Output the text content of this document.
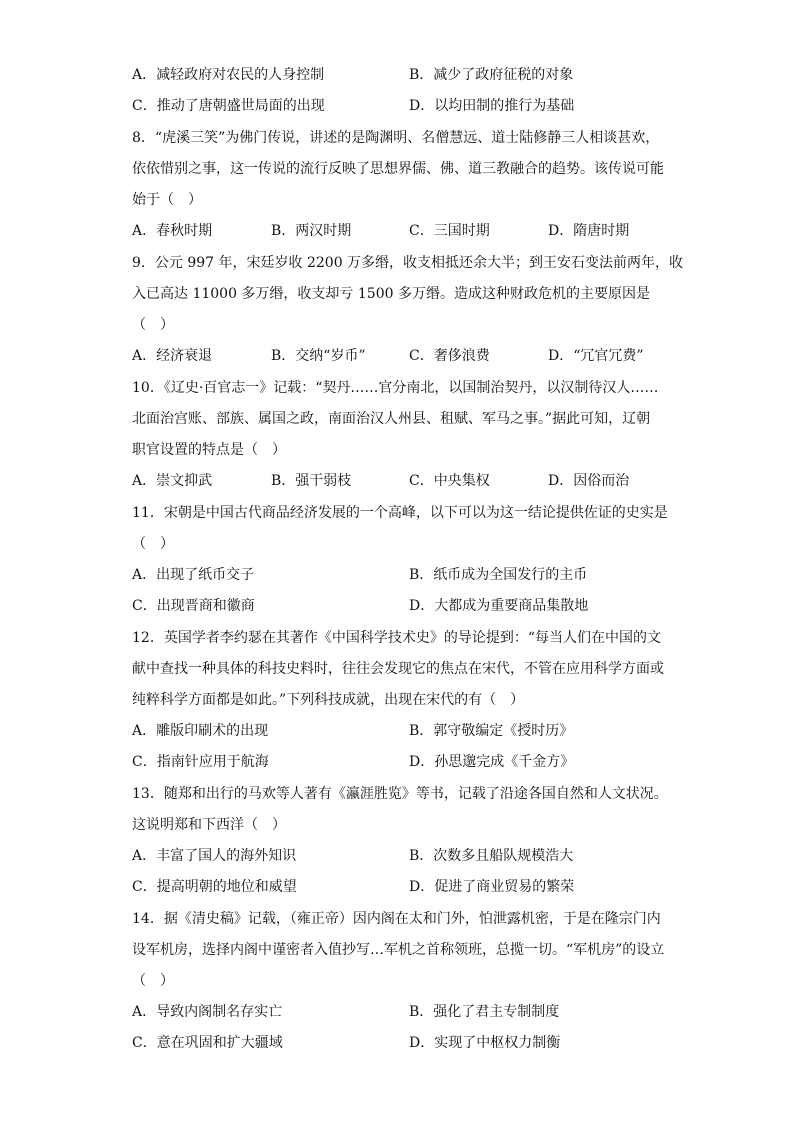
A．减轻政府对农民的人身控制	B．减少了政府征税的对象
C．推动了唐朝盛世局面的出现	D．以均田制的推行为基础
8．“虎溪三笑”为佛门传说，讲述的是陶渊明、名僧慧远、道士陆修静三人相谈甚欢，
依依惜别之事，这一传说的流行反映了思想界儒、佛、道三教融合的趋势。该传说可能
始于（　）
A．春秋时期	B．两汉时期	C．三国时期	D．隋唐时期
9．公元 997 年，宋廷岁收 2200 万多缗，收支相抵还余大半；到王安石变法前两年，收
入已高达 11000 多万缗，收支却亏 1500 多万缗。造成这种财政危机的主要原因是
（　）
A．经济衰退	B．交纳“岁币”	C．奢侈浪费	D．“冗官冗费”
10．《辽史·百官志一》记载：“契丹……官分南北，以国制治契丹，以汉制待汉人……
北面治宫账、部族、属国之政，南面治汉人州县、租赋、军马之事。”据此可知，辽朝
职官设置的特点是（　）
A．崇文抑武	B．强干弱枝	C．中央集权	D．因俗而治
11．宋朝是中国古代商品经济发展的一个高峰，以下可以为这一结论提供佐证的史实是
（　）
A．出现了纸币交子	B．纸币成为全国发行的主币
C．出现晋商和徽商	D．大都成为重要商品集散地
12．英国学者李约瑟在其著作《中国科学技术史》的导论提到：“每当人们在中国的文
献中查找一种具体的科技史料时，往往会发现它的焦点在宋代，不管在应用科学方面或
纯粹科学方面都是如此。”下列科技成就，出现在宋代的有（　）
A．雕版印刷术的出现	B．郭守敬编定《授时历》
C．指南针应用于航海	D．孙思邈完成《千金方》
13．随郑和出行的马欢等人著有《瀛涯胜览》等书，记载了沿途各国自然和人文状况。
这说明郑和下西洋（　）
A．丰富了国人的海外知识	B．次数多且船队规模浩大
C．提高明朝的地位和威望	D．促进了商业贸易的繁荣
14．据《清史稿》记载，（雍正帝）因内阁在太和门外，怕泄露机密，于是在隆宗门内
设军机房，选择内阁中谨密者入值抄写…军机之首称领班，总揽一切。“军机房”的设立
（　）
A．导致内阁制名存实亡	B．强化了君主专制制度
C．意在巩固和扩大疆域	D．实现了中枢权力制衡
